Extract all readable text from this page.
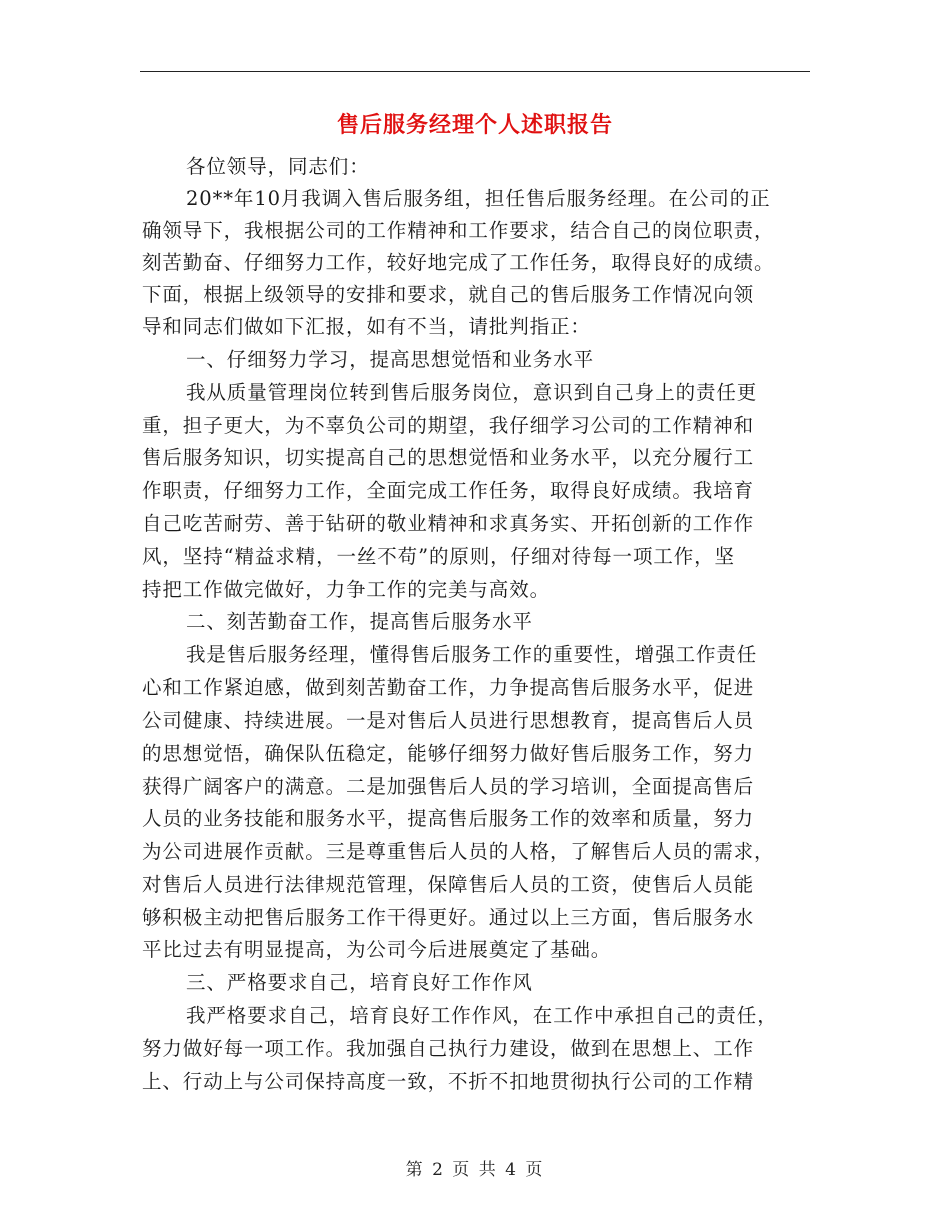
售后服务经理个人述职报告
各位领导，同志们：
20**年10月我调入售后服务组，担任售后服务经理。在公司的正
确领导下，我根据公司的工作精神和工作要求，结合自己的岗位职责，
刻苦勤奋、仔细努力工作，较好地完成了工作任务，取得良好的成绩。
下面，根据上级领导的安排和要求，就自己的售后服务工作情况向领
导和同志们做如下汇报，如有不当，请批判指正：
一、仔细努力学习，提高思想觉悟和业务水平
我从质量管理岗位转到售后服务岗位，意识到自己身上的责任更
重，担子更大，为不辜负公司的期望，我仔细学习公司的工作精神和
售后服务知识，切实提高自己的思想觉悟和业务水平，以充分履行工
作职责，仔细努力工作，全面完成工作任务，取得良好成绩。我培育
自己吃苦耐劳、善于钻研的敬业精神和求真务实、开拓创新的工作作
风，坚持“精益求精，一丝不苟”的原则，仔细对待每一项工作，坚
持把工作做完做好，力争工作的完美与高效。
二、刻苦勤奋工作，提高售后服务水平
我是售后服务经理，懂得售后服务工作的重要性，增强工作责任
心和工作紧迫感，做到刻苦勤奋工作，力争提高售后服务水平，促进
公司健康、持续进展。一是对售后人员进行思想教育，提高售后人员
的思想觉悟，确保队伍稳定，能够仔细努力做好售后服务工作，努力
获得广阔客户的满意。二是加强售后人员的学习培训，全面提高售后
人员的业务技能和服务水平，提高售后服务工作的效率和质量，努力
为公司进展作贡献。三是尊重售后人员的人格，了解售后人员的需求，
对售后人员进行法律规范管理，保障售后人员的工资，使售后人员能
够积极主动把售后服务工作干得更好。通过以上三方面，售后服务水
平比过去有明显提高，为公司今后进展奠定了基础。
三、严格要求自己，培育良好工作作风
我严格要求自己，培育良好工作作风，在工作中承担自己的责任，
努力做好每一项工作。我加强自己执行力建设，做到在思想上、工作
上、行动上与公司保持高度一致，不折不扣地贯彻执行公司的工作精
第 2 页 共 4 页
